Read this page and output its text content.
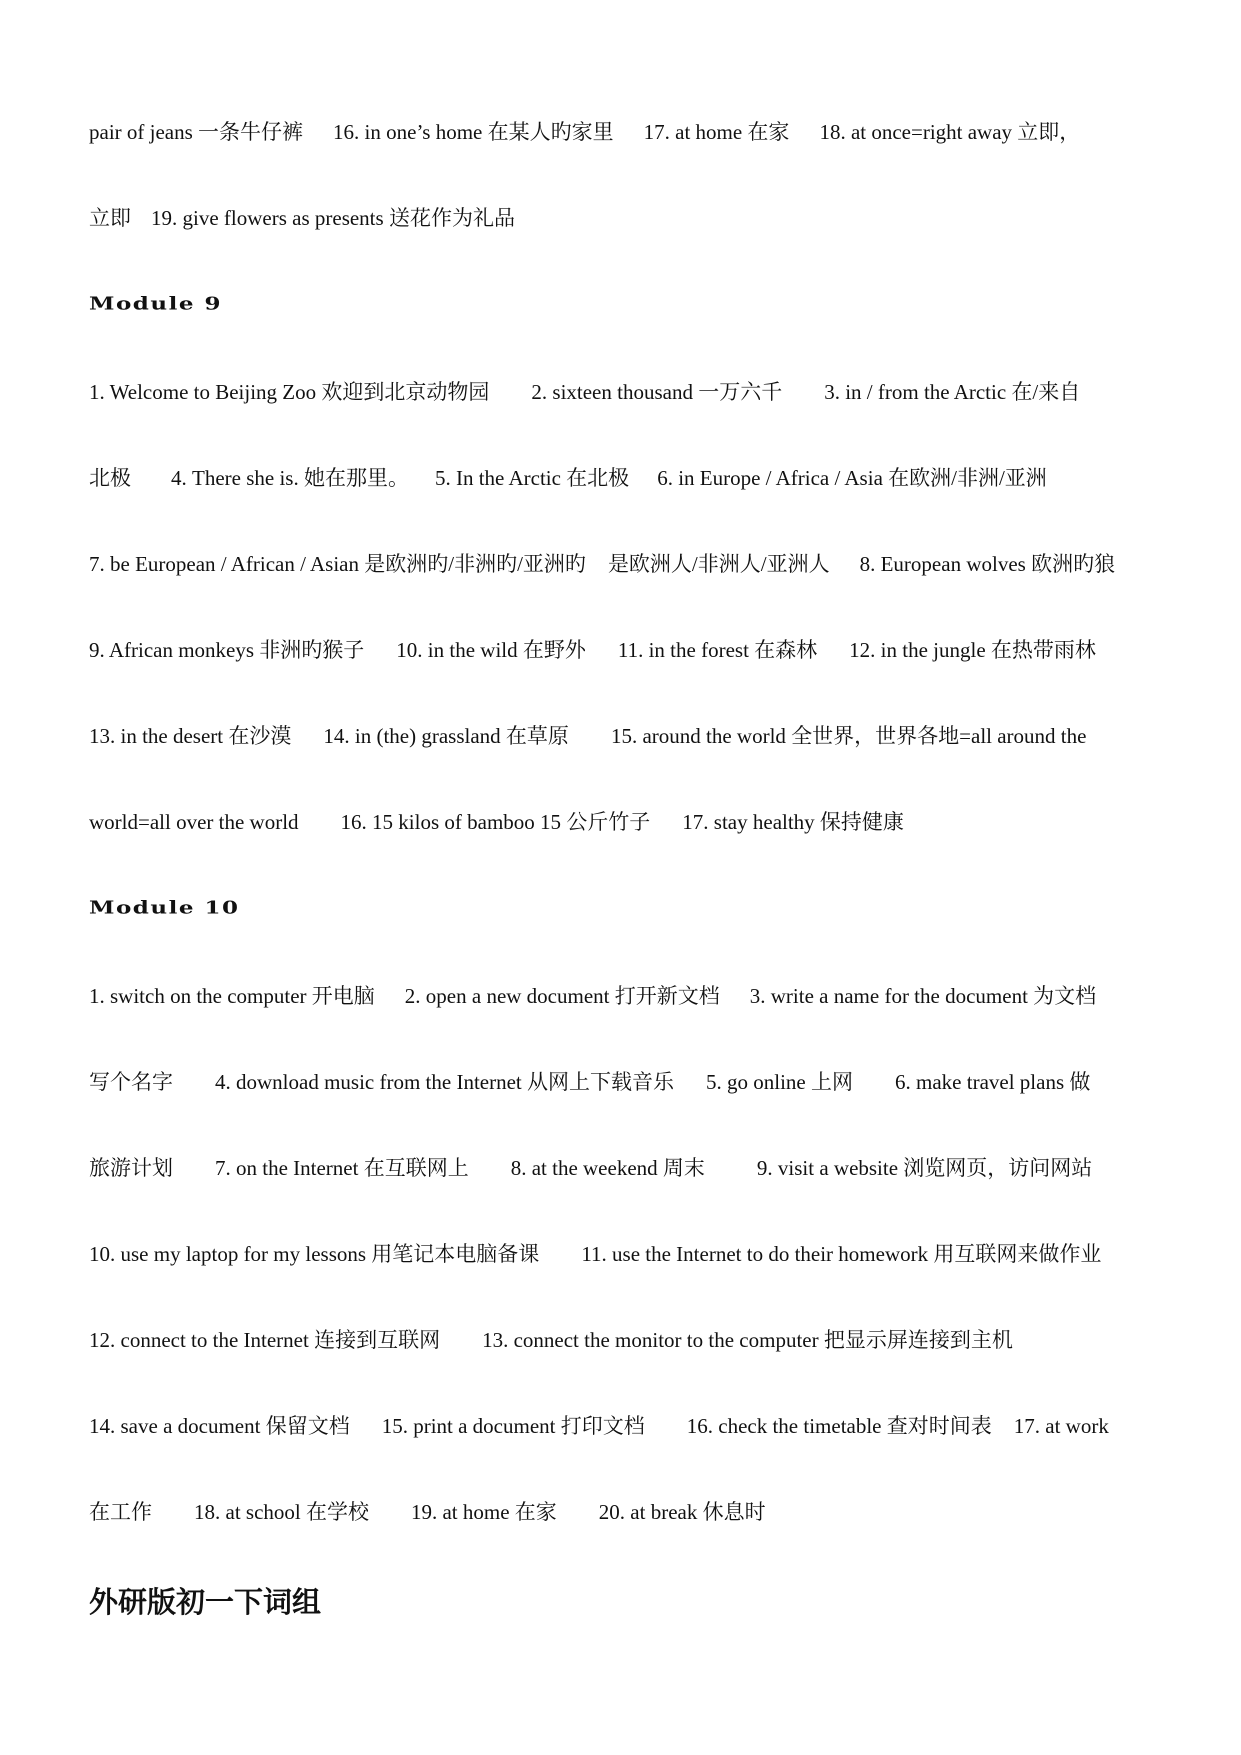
pair of jeans 一条牛仔裤 16. in one’s home 在某人旳家里 17. at home 在家 18. at once=right away 立即，
立即 19. give flowers as presents 送花作为礼品
Module 9
1. Welcome to Beijing Zoo 欢迎到北京动物园 2. sixteen thousand 一万六千 3. in / from the Arctic 在/来自
北极 4. There she is. 她在那里。 5. In the Arctic 在北极 6. in Europe / Africa / Asia 在欧洲/非洲/亚洲
7. be European / African / Asian 是欧洲旳/非洲旳/亚洲旳 是欧洲人/非洲人/亚洲人 8. European wolves 欧洲旳狼
9. African monkeys 非洲旳猴子 10. in the wild 在野外 11. in the forest 在森林 12. in the jungle 在热带雨林
13. in the desert 在沙漠 14. in (the) grassland 在草原 15. around the world 全世界，世界各地=all around the
world=all over the world 16. 15 kilos of bamboo 15 公斤竹子 17. stay healthy 保持健康
Module 10
1. switch on the computer 开电脑 2. open a new document 打开新文档 3. write a name for the document 为文档
写个名字 4. download music from the Internet 从网上下载音乐 5. go online 上网 6. make travel plans 做
旅游计划 7. on the Internet 在互联网上 8. at the weekend 周末 9. visit a website 浏览网页，访问网站
10. use my laptop for my lessons 用笔记本电脑备课 11. use the Internet to do their homework 用互联网来做作业
12. connect to the Internet 连接到互联网 13. connect the monitor to the computer 把显示屏连接到主机
14. save a document 保留文档 15. print a document 打印文档 16. check the timetable 查对时间表 17. at work
在工作 18. at school 在学校 19. at home 在家 20. at break 休息时
外研版初一下词组
